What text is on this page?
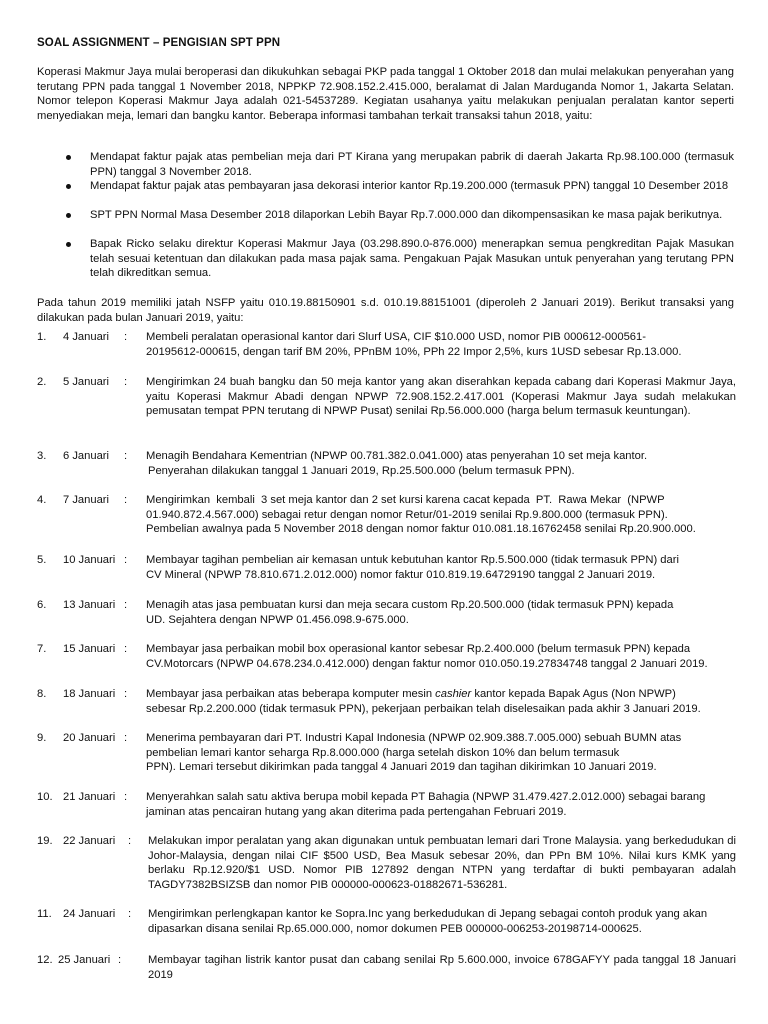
SOAL ASSIGNMENT – PENGISIAN SPT PPN
Koperasi Makmur Jaya mulai beroperasi dan dikukuhkan sebagai PKP pada tanggal 1 Oktober 2018 dan mulai melakukan penyerahan yang terutang PPN pada tanggal 1 November 2018, NPPKP 72.908.152.2.415.000, beralamat di Jalan Marduganda Nomor 1, Jakarta Selatan. Nomor telepon Koperasi Makmur Jaya adalah 021-54537289. Kegiatan usahanya yaitu melakukan penjualan peralatan kantor seperti menyediakan meja, lemari dan bangku kantor. Beberapa informasi tambahan terkait transaksi tahun 2018, yaitu:
Mendapat faktur pajak atas pembelian meja dari PT Kirana yang merupakan pabrik di daerah Jakarta Rp.98.100.000 (termasuk PPN) tanggal 3 November 2018.
Mendapat faktur pajak atas pembayaran jasa dekorasi interior kantor Rp.19.200.000 (termasuk PPN) tanggal 10 Desember 2018
SPT PPN Normal Masa Desember 2018 dilaporkan Lebih Bayar Rp.7.000.000 dan dikompensasikan ke masa pajak berikutnya.
Bapak Ricko selaku direktur Koperasi Makmur Jaya (03.298.890.0-876.000) menerapkan semua pengkreditan Pajak Masukan telah sesuai ketentuan dan dilakukan pada masa pajak sama. Pengakuan Pajak Masukan untuk penyerahan yang terutang PPN telah dikreditkan semua.
Pada tahun 2019 memiliki jatah NSFP yaitu 010.19.88150901 s.d. 010.19.88151001 (diperoleh 2 Januari 2019). Berikut transaksi yang dilakukan pada bulan Januari 2019, yaitu:
1. 4 Januari : Membeli peralatan operasional kantor dari Slurf USA, CIF $10.000 USD, nomor PIB 000612-000561-
20195612-000615, dengan tarif BM 20%, PPnBM 10%, PPh 22 Impor 2,5%, kurs 1USD sebesar Rp.13.000.
2. 5 Januari : Mengirimkan 24 buah bangku dan 50 meja kantor yang akan diserahkan kepada cabang dari Koperasi Makmur Jaya, yaitu Koperasi Makmur Abadi dengan NPWP 72.908.152.2.417.001 (Koperasi Makmur Jaya sudah melakukan pemusatan tempat PPN terutang di NPWP Pusat) senilai Rp.56.000.000 (harga belum termasuk keuntungan).
3. 6 Januari : Menagih Bendahara Kementrian (NPWP 00.781.382.0.041.000) atas penyerahan 10 set meja kantor.
Penyerahan dilakukan tanggal 1 Januari 2019, Rp.25.500.000 (belum termasuk PPN).
4. 7 Januari : Mengirimkan  kembali  3 set meja kantor dan 2 set kursi karena cacat kepada  PT.  Rawa Mekar  (NPWP
01.940.872.4.567.000) sebagai retur dengan nomor Retur/01-2019 senilai Rp.9.800.000 (termasuk PPN).
Pembelian awalnya pada 5 November 2018 dengan nomor faktur 010.081.18.16762458 senilai Rp.20.900.000.
5. 10 Januari : Membayar tagihan pembelian air kemasan untuk kebutuhan kantor Rp.5.500.000 (tidak termasuk PPN) dari
CV Mineral (NPWP 78.810.671.2.012.000) nomor faktur 010.819.19.64729190 tanggal 2 Januari 2019.
6. 13 Januari : Menagih atas jasa pembuatan kursi dan meja secara custom Rp.20.500.000 (tidak termasuk PPN) kepada
UD. Sejahtera dengan NPWP 01.456.098.9-675.000.
7. 15 Januari : Membayar jasa perbaikan mobil box operasional kantor sebesar Rp.2.400.000 (belum termasuk PPN) kepada
CV.Motorcars (NPWP 04.678.234.0.412.000) dengan faktur nomor 010.050.19.27834748 tanggal 2 Januari 2019.
8. 18 Januari : Membayar jasa perbaikan atas beberapa komputer mesin cashier kantor kepada Bapak Agus (Non NPWP)
sebesar Rp.2.200.000 (tidak termasuk PPN), pekerjaan perbaikan telah diselesaikan pada akhir 3 Januari 2019.
9. 20 Januari : Menerima pembayaran dari PT. Industri Kapal Indonesia (NPWP 02.909.388.7.005.000) sebuah BUMN atas
pembelian lemari kantor seharga Rp.8.000.000 (harga setelah diskon 10% dan belum termasuk
PPN). Lemari tersebut dikirimkan pada tanggal 4 Januari 2019 dan tagihan dikirimkan 10 Januari 2019.
10. 21 Januari : Menyerahkan salah satu aktiva berupa mobil kepada PT Bahagia (NPWP 31.479.427.2.012.000) sebagai barang
jaminan atas pencairan hutang yang akan diterima pada pertengahan Februari 2019.
19. 22 Januari : Melakukan impor peralatan yang akan digunakan untuk pembuatan lemari dari Trone Malaysia. yang berkedudukan di Johor-Malaysia, dengan nilai CIF $500 USD, Bea Masuk sebesar 20%, dan PPn BM 10%. Nilai kurs KMK yang berlaku Rp.12.920/$1 USD. Nomor PIB 127892 dengan NTPN yang terdaftar di bukti pembayaran adalah TAGDY7382BSIZSB dan nomor PIB 000000-000623-01882671-536281.
11. 24 Januari : Mengirimkan perlengkapan kantor ke Sopra.Inc yang berkedudukan di Jepang sebagai contoh produk yang akan
dipasarkan disana senilai Rp.65.000.000, nomor dokumen PEB 000000-006253-20198714-000625.
12. 25 Januari : Membayar tagihan listrik kantor pusat dan cabang senilai Rp 5.600.000, invoice 678GAFYY pada tanggal 18 Januari 2019
